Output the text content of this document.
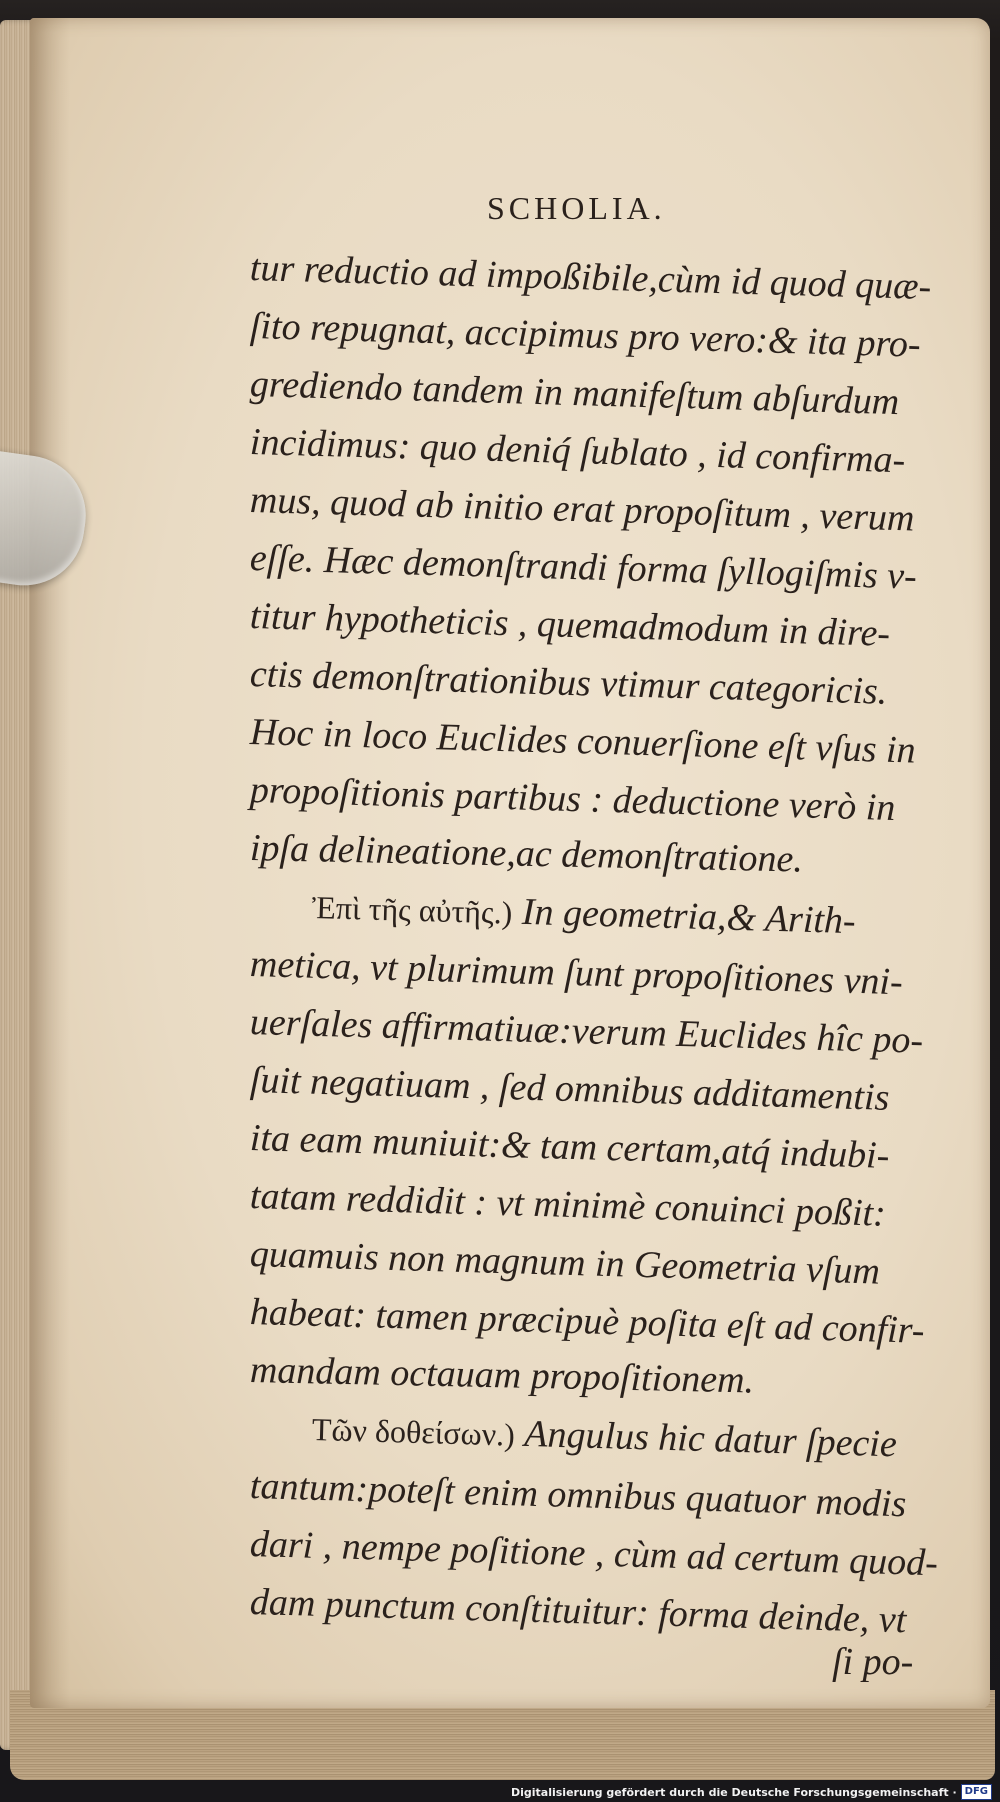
SCHOLIA.
tur reductio ad impoßibile,cùm id quod quæ-
ſito repugnat, accipimus pro vero:& ita pro-
grediendo tandem in manifeſtum abſurdum
incidimus: quo deniq́ ſublato , id confirma-
mus, quod ab initio erat propoſitum , verum
eſſe. Hæc demonſtrandi forma ſyllogiſmis v-
titur hypotheticis , quemadmodum in dire-
ctis demonſtrationibus vtimur categoricis.
Hoc in loco Euclides conuerſione eſt vſus in
propoſitionis partibus : deductione verò in
ipſa delineatione,ac demonſtratione.
Ἐπὶ τῆς αὐτῆς.) In geometria,& Arith-
metica, vt plurimum ſunt propoſitiones vni-
uerſales affirmatiuæ:verum Euclides hîc po-
ſuit negatiuam , ſed omnibus additamentis
ita eam muniuit:& tam certam,atq́ indubi-
tatam reddidit : vt minimè conuinci poßit:
quamuis non magnum in Geometria vſum
habeat: tamen præcipuè poſita eſt ad confir-
mandam octauam propoſitionem.
Τῶν δοθείσων.) Angulus hic datur ſpecie
tantum:poteſt enim omnibus quatuor modis
dari , nempe poſitione , cùm ad certum quod-
dam punctum conſtituitur: forma deinde, vt
ſi po-
Digitalisierung gefördert durch die Deutsche Forschungsgemeinschaft · DFG
